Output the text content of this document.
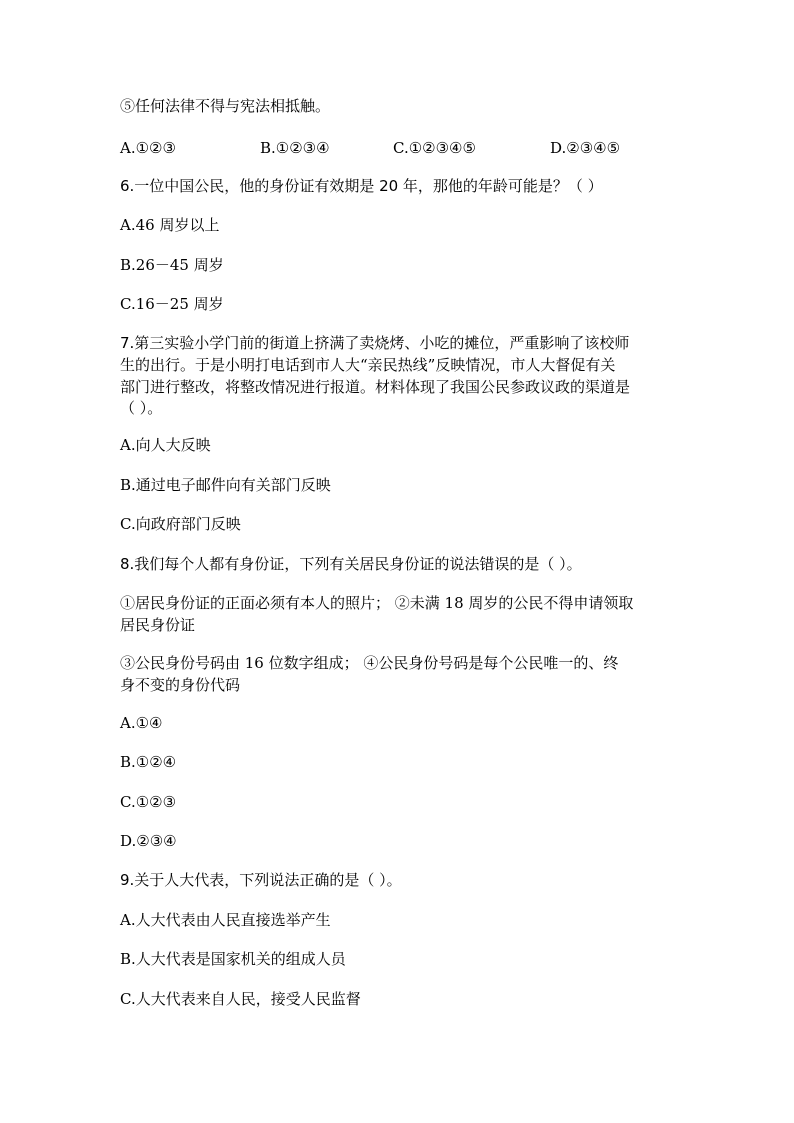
⑤任何法律不得与宪法相抵触。
A.①②③	B.①②③④	C.①②③④⑤	D.②③④⑤
6.一位中国公民，他的身份证有效期是 20 年，那他的年龄可能是？（ ）
A.46 周岁以上
B.26－45 周岁
C.16－25 周岁
7.第三实验小学门前的街道上挤满了卖烧烤、小吃的摊位，严重影响了该校师
生的出行。于是小明打电话到市人大“亲民热线”反映情况，市人大督促有关
部门进行整改，将整改情况进行报道。材料体现了我国公民参政议政的渠道是
（ ）。
A.向人大反映
B.通过电子邮件向有关部门反映
C.向政府部门反映
8.我们每个人都有身份证，下列有关居民身份证的说法错误的是（ ）。
①居民身份证的正面必须有本人的照片； ②未满 18 周岁的公民不得申请领取
居民身份证
③公民身份号码由 16 位数字组成； ④公民身份号码是每个公民唯一的、终
身不变的身份代码
A.①④
B.①②④
C.①②③
D.②③④
9.关于人大代表，下列说法正确的是（ ）。
A.人大代表由人民直接选举产生
B.人大代表是国家机关的组成人员
C.人大代表来自人民，接受人民监督
